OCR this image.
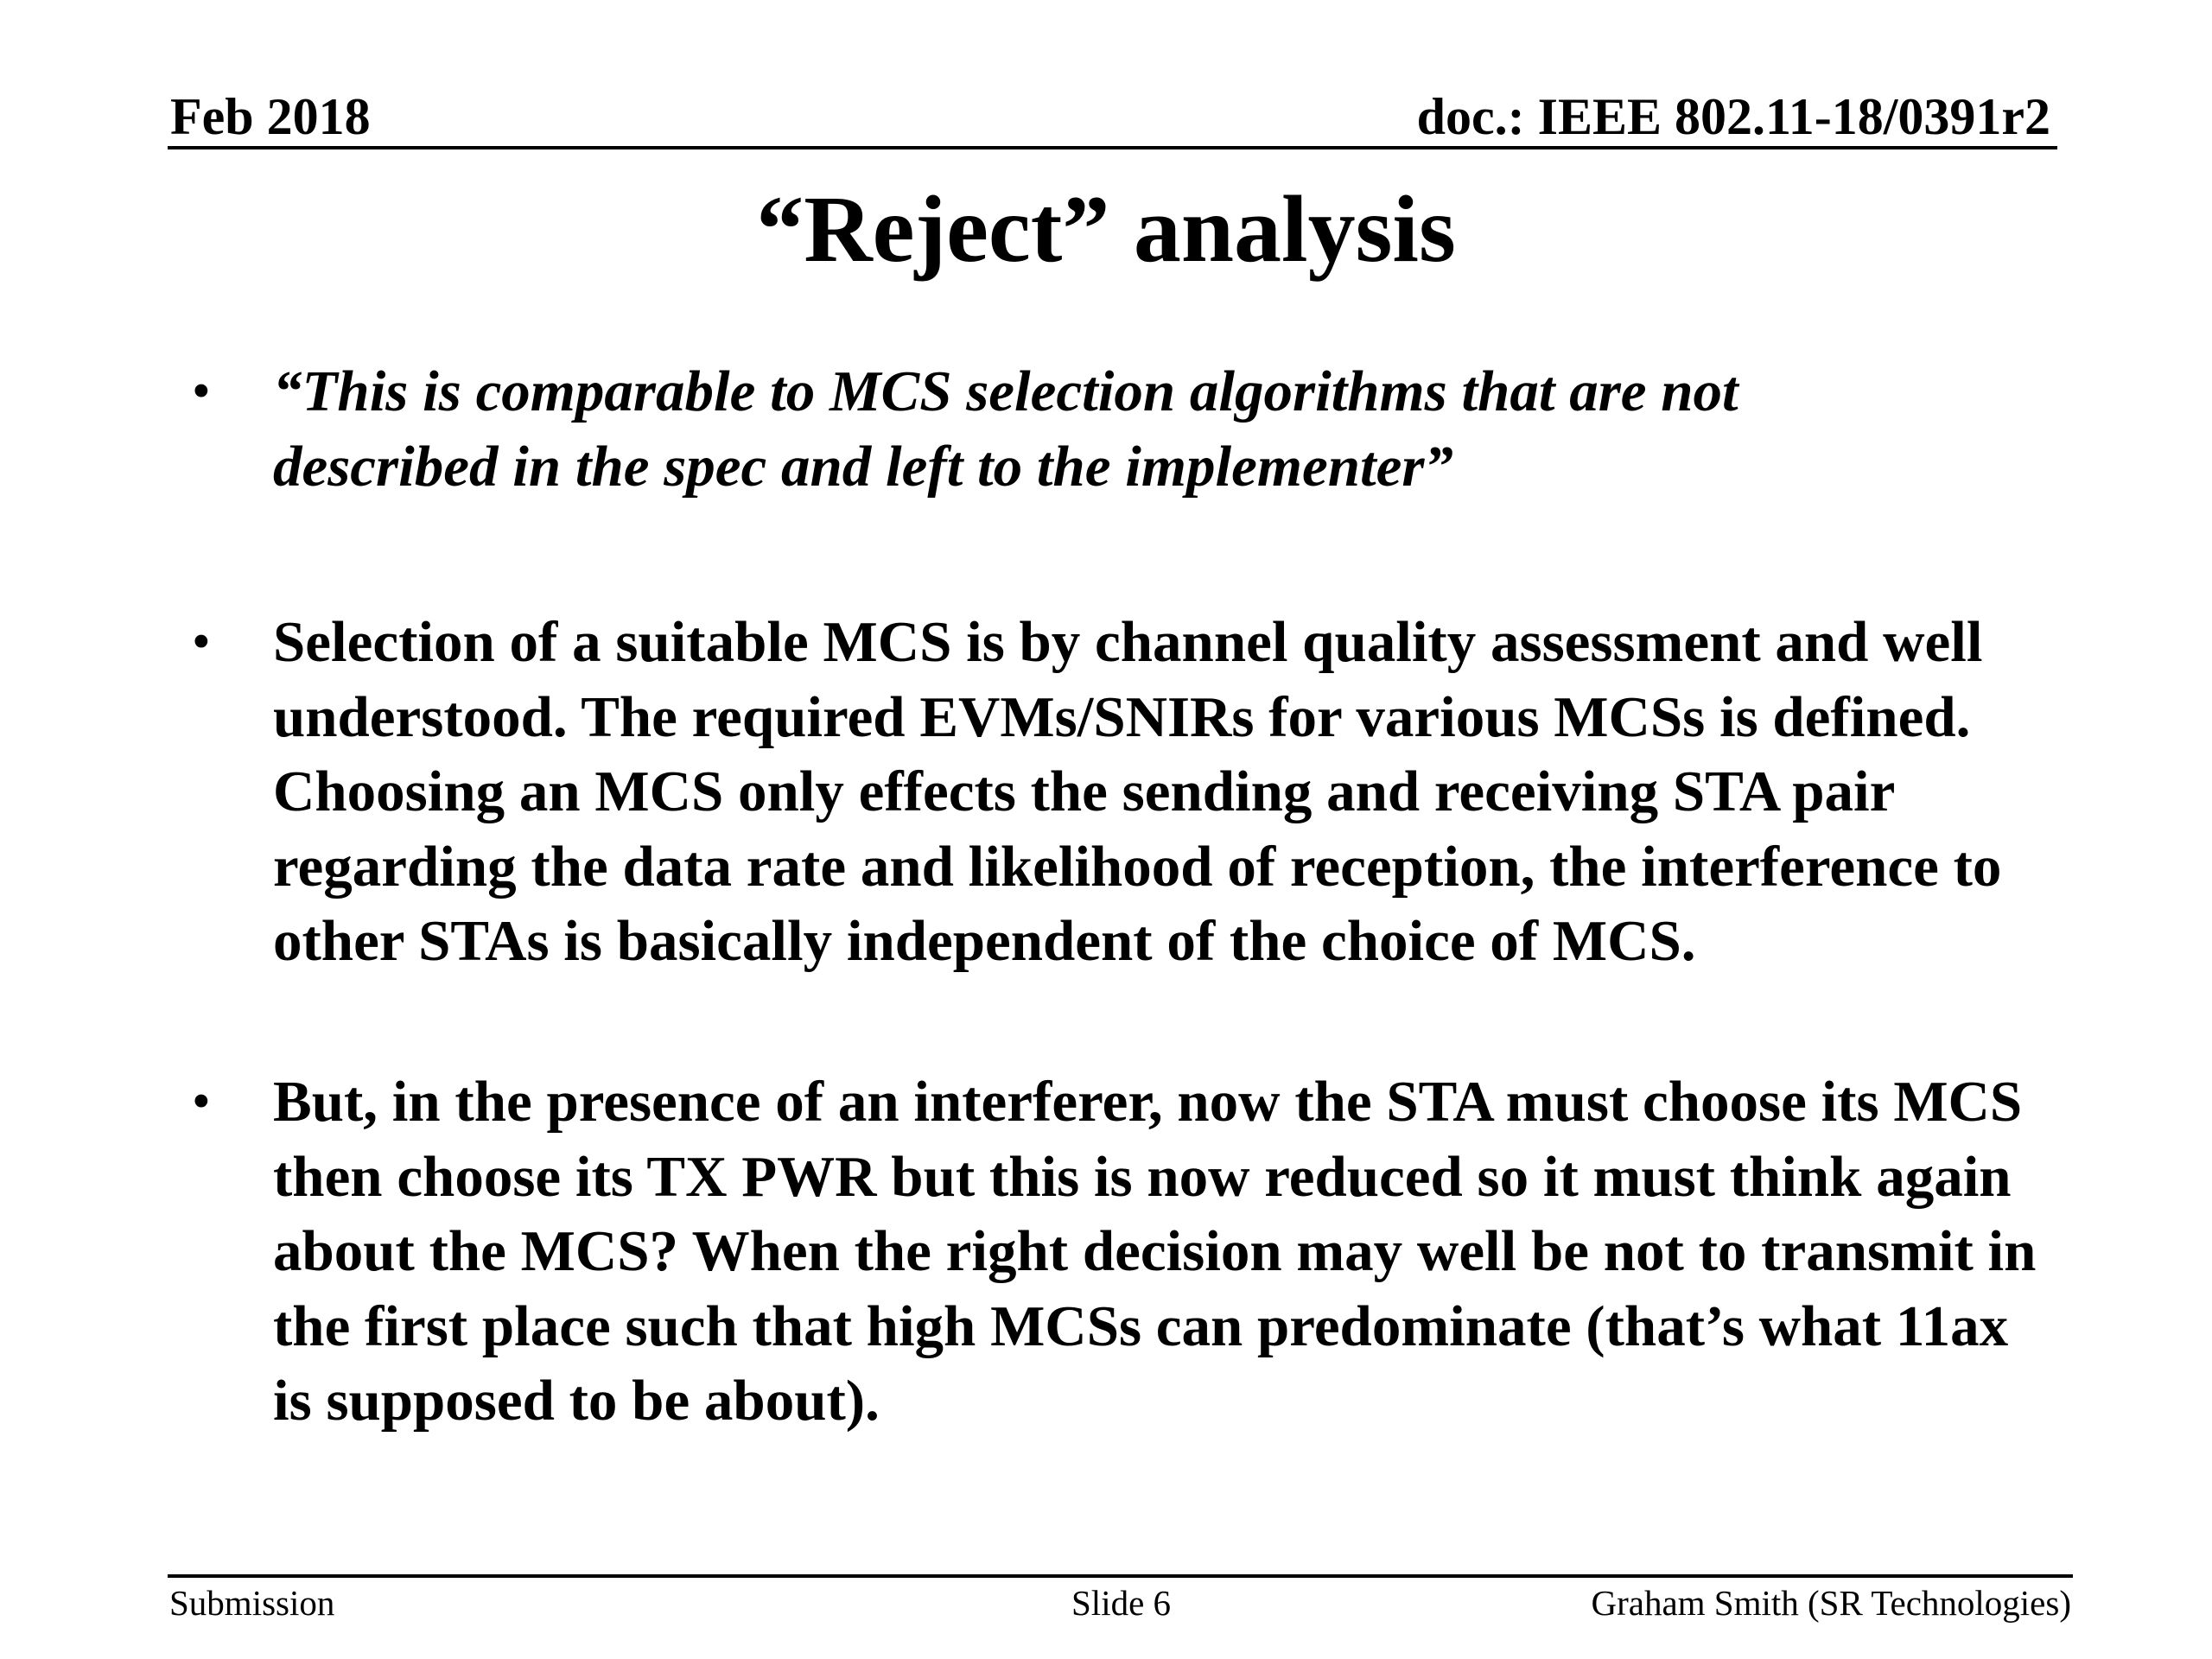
Feb 2018	doc.: IEEE 802.11-18/0391r2
“Reject” analysis
• “This is comparable to MCS selection algorithms that are not described in the spec and left to the implementer”
• Selection of a suitable MCS is by channel quality assessment and well understood. The required EVMs/SNIRs for various MCSs is defined. Choosing an MCS only effects the sending and receiving STA pair regarding the data rate and likelihood of reception, the interference to other STAs is basically independent of the choice of MCS.
• But, in the presence of an interferer, now the STA must choose its MCS then choose its TX PWR but this is now reduced so it must think again about the MCS? When the right decision may well be not to transmit in the first place such that high MCSs can predominate (that’s what 11ax is supposed to be about).
Submission	Slide 6	Graham Smith (SR Technologies)
